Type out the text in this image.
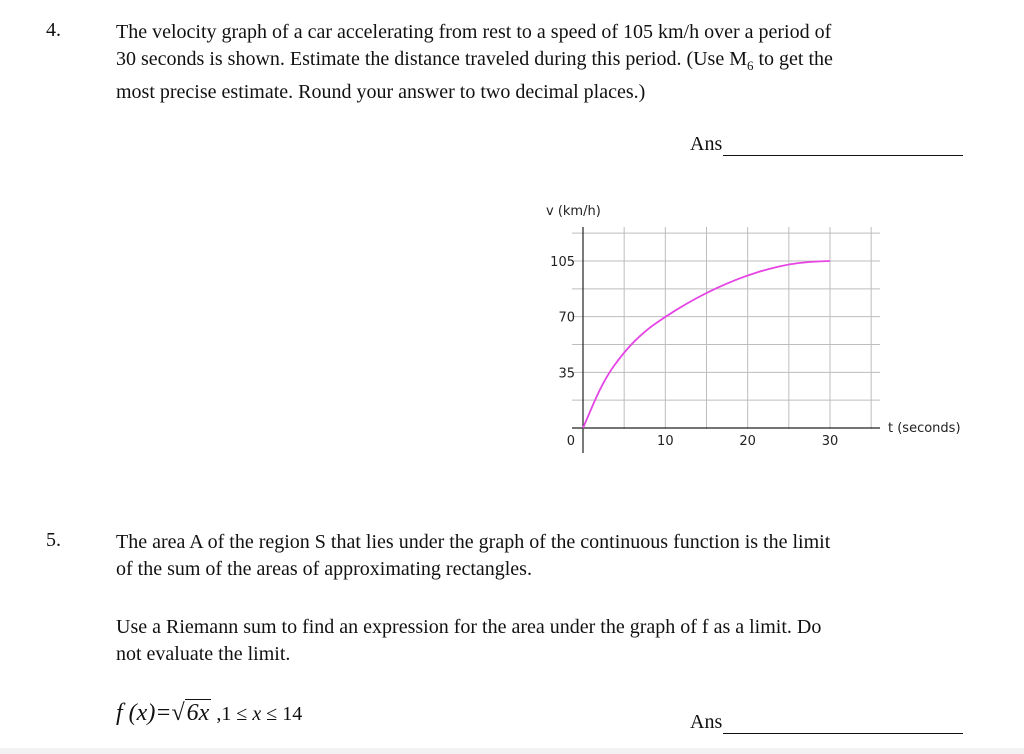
4.	The velocity graph of a car accelerating from rest to a speed of 105 km/h over a period of
30 seconds is shown. Estimate the distance traveled during this period. (Use $M_6$ to get the
most precise estimate. Round your answer to two decimal places.)
Ans
105
70
35
0	10	20	30
v (km/h)
t (seconds)
5.	The area A of the region S that lies under the graph of the continuous function is the limit
of the sum of the areas of approximating rectangles.
Use a Riemann sum to find an expression for the area under the graph of f as a limit. Do
not evaluate the limit.
f (x)=√6x ,1 ≤ x ≤ 14	Ans
